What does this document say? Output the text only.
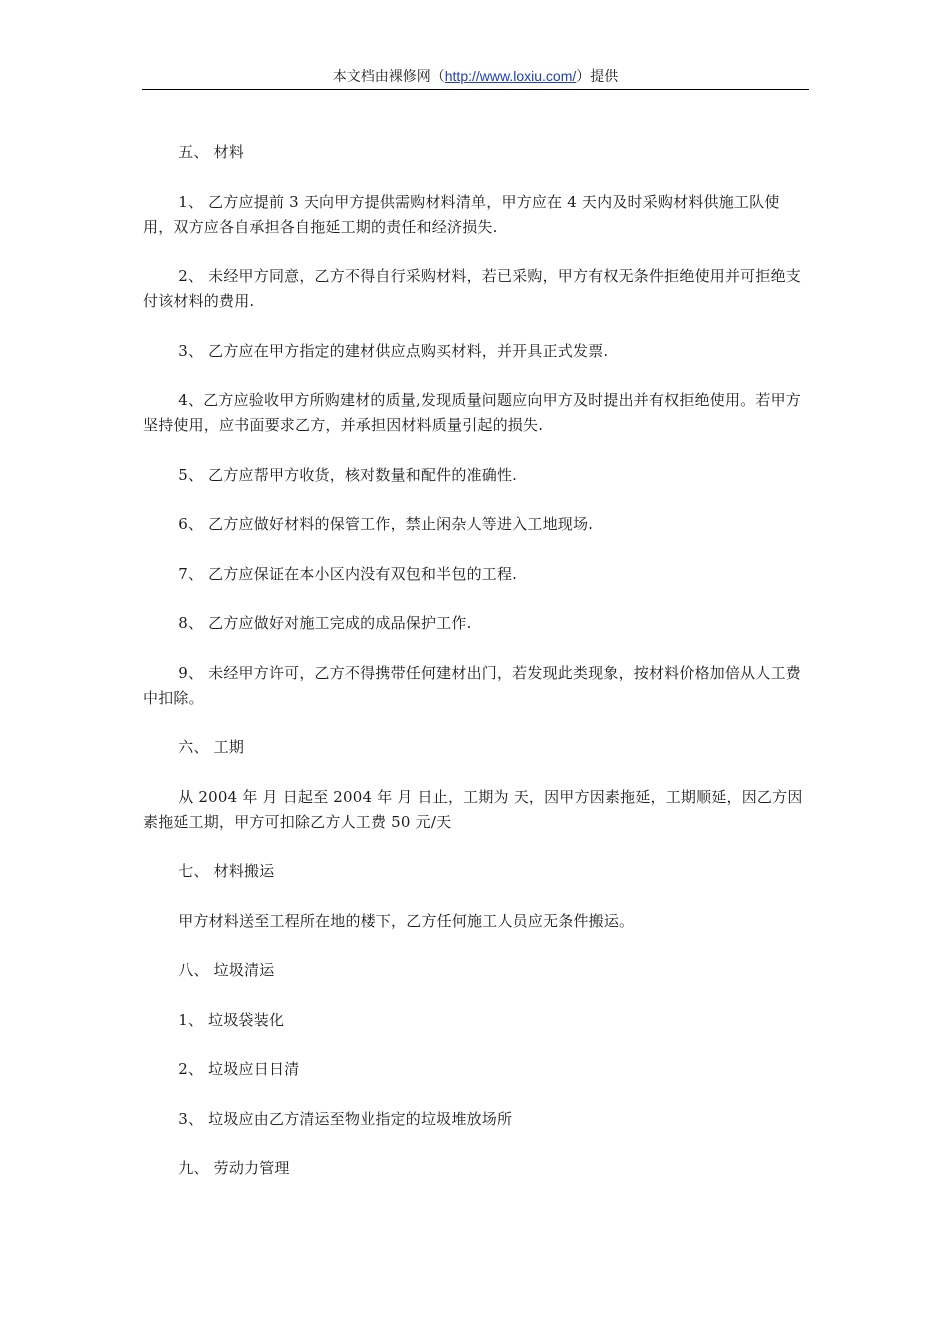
本文档由裸修网（http://www.loxiu.com/）提供

五、 材料

1、 乙方应提前 3 天向甲方提供需购材料清单，甲方应在 4 天内及时采购材料供施工队使用，双方应各自承担各自拖延工期的责任和经济损失.

2、 未经甲方同意，乙方不得自行采购材料，若已采购，甲方有权无条件拒绝使用并可拒绝支付该材料的费用.

3、 乙方应在甲方指定的建材供应点购买材料，并开具正式发票.

4、乙方应验收甲方所购建材的质量,发现质量问题应向甲方及时提出并有权拒绝使用。若甲方坚持使用，应书面要求乙方，并承担因材料质量引起的损失.

5、 乙方应帮甲方收货，核对数量和配件的准确性.

6、 乙方应做好材料的保管工作，禁止闲杂人等进入工地现场.

7、 乙方应保证在本小区内没有双包和半包的工程.

8、 乙方应做好对施工完成的成品保护工作.

9、 未经甲方许可，乙方不得携带任何建材出门，若发现此类现象，按材料价格加倍从人工费中扣除。

六、 工期

从 2004 年 月 日起至 2004 年 月 日止，工期为 天，因甲方因素拖延，工期顺延，因乙方因素拖延工期，甲方可扣除乙方人工费 50 元/天

七、 材料搬运

甲方材料送至工程所在地的楼下，乙方任何施工人员应无条件搬运。

八、 垃圾清运

1、 垃圾袋装化

2、 垃圾应日日清

3、 垃圾应由乙方清运至物业指定的垃圾堆放场所

九、 劳动力管理
